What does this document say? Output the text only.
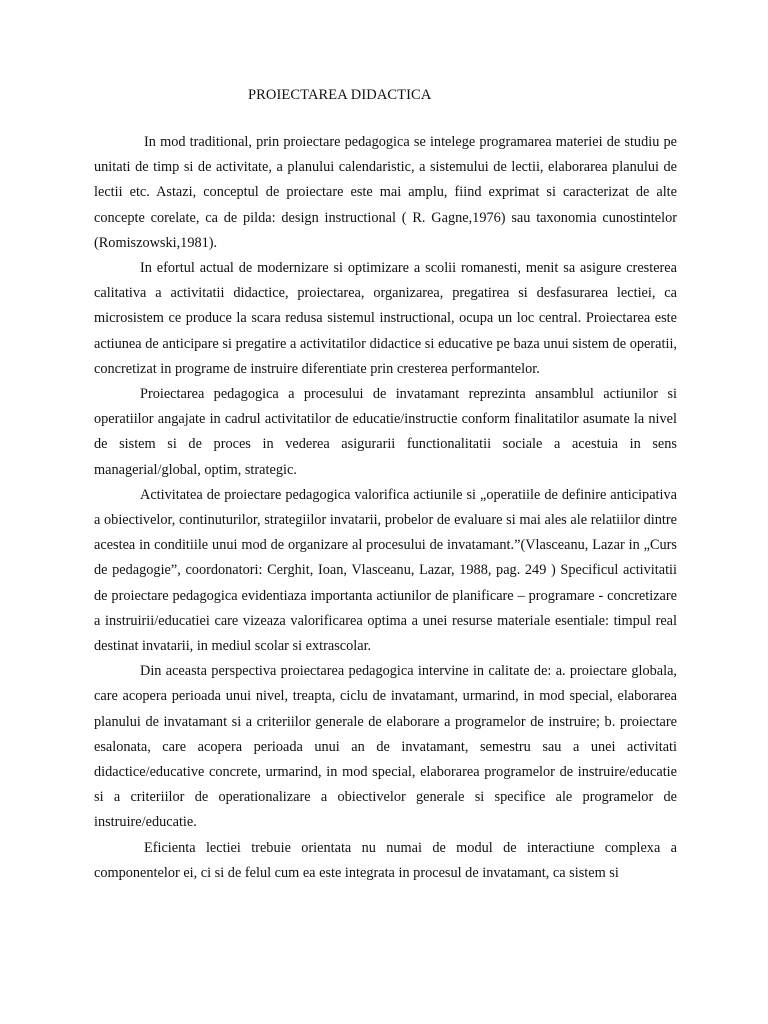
PROIECTAREA DIDACTICA

In mod traditional, prin proiectare pedagogica se intelege programarea materiei de studiu pe unitati de timp si de activitate, a planului calendaristic, a sistemului de lectii, elaborarea planului de lectii etc. Astazi, conceptul de proiectare este mai amplu, fiind exprimat si caracterizat de alte concepte corelate, ca de pilda: design instructional ( R. Gagne,1976) sau taxonomia cunostintelor (Romiszowski,1981).

In efortul actual de modernizare si optimizare a scolii romanesti, menit sa asigure cresterea calitativa a activitatii didactice, proiectarea, organizarea, pregatirea si desfasurarea lectiei, ca microsistem ce produce la scara redusa sistemul instructional, ocupa un loc central. Proiectarea este actiunea de anticipare si pregatire a activitatilor didactice si educative pe baza unui sistem de operatii, concretizat in programe de instruire diferentiate prin cresterea performantelor.

Proiectarea pedagogica a procesului de invatamant reprezinta ansamblul actiunilor si operatiilor angajate in cadrul activitatilor de educatie/instructie conform finalitatilor asumate la nivel de sistem si de proces in vederea asigurarii functionalitatii sociale a acestuia in sens managerial/global, optim, strategic.

Activitatea de proiectare pedagogica valorifica actiunile si „operatiile de definire anticipativa a obiectivelor, continuturilor, strategiilor invatarii, probelor de evaluare si mai ales ale relatiilor dintre acestea in conditiile unui mod de organizare al procesului de invatamant.”(Vlasceanu, Lazar in „Curs de pedagogie”, coordonatori: Cerghit, Ioan, Vlasceanu, Lazar, 1988, pag. 249 ) Specificul activitatii de proiectare pedagogica evidentiaza importanta actiunilor de planificare – programare - concretizare a instruirii/educatiei care vizeaza valorificarea optima a unei resurse materiale esentiale: timpul real destinat invatarii, in mediul scolar si extrascolar.

Din aceasta perspectiva proiectarea pedagogica intervine in calitate de: a. proiectare globala, care acopera perioada unui nivel, treapta, ciclu de invatamant, urmarind, in mod special, elaborarea planului de invatamant si a criteriilor generale de elaborare a programelor de instruire; b. proiectare esalonata, care acopera perioada unui an de invatamant, semestru sau a unei activitati didactice/educative concrete, urmarind, in mod special, elaborarea programelor de instruire/educatie si a criteriilor de operationalizare a obiectivelor generale si specifice ale programelor de instruire/educatie.

Eficienta lectiei trebuie orientata nu numai de modul de interactiune complexa a componentelor ei, ci si de felul cum ea este integrata in procesul de invatamant, ca sistem si
